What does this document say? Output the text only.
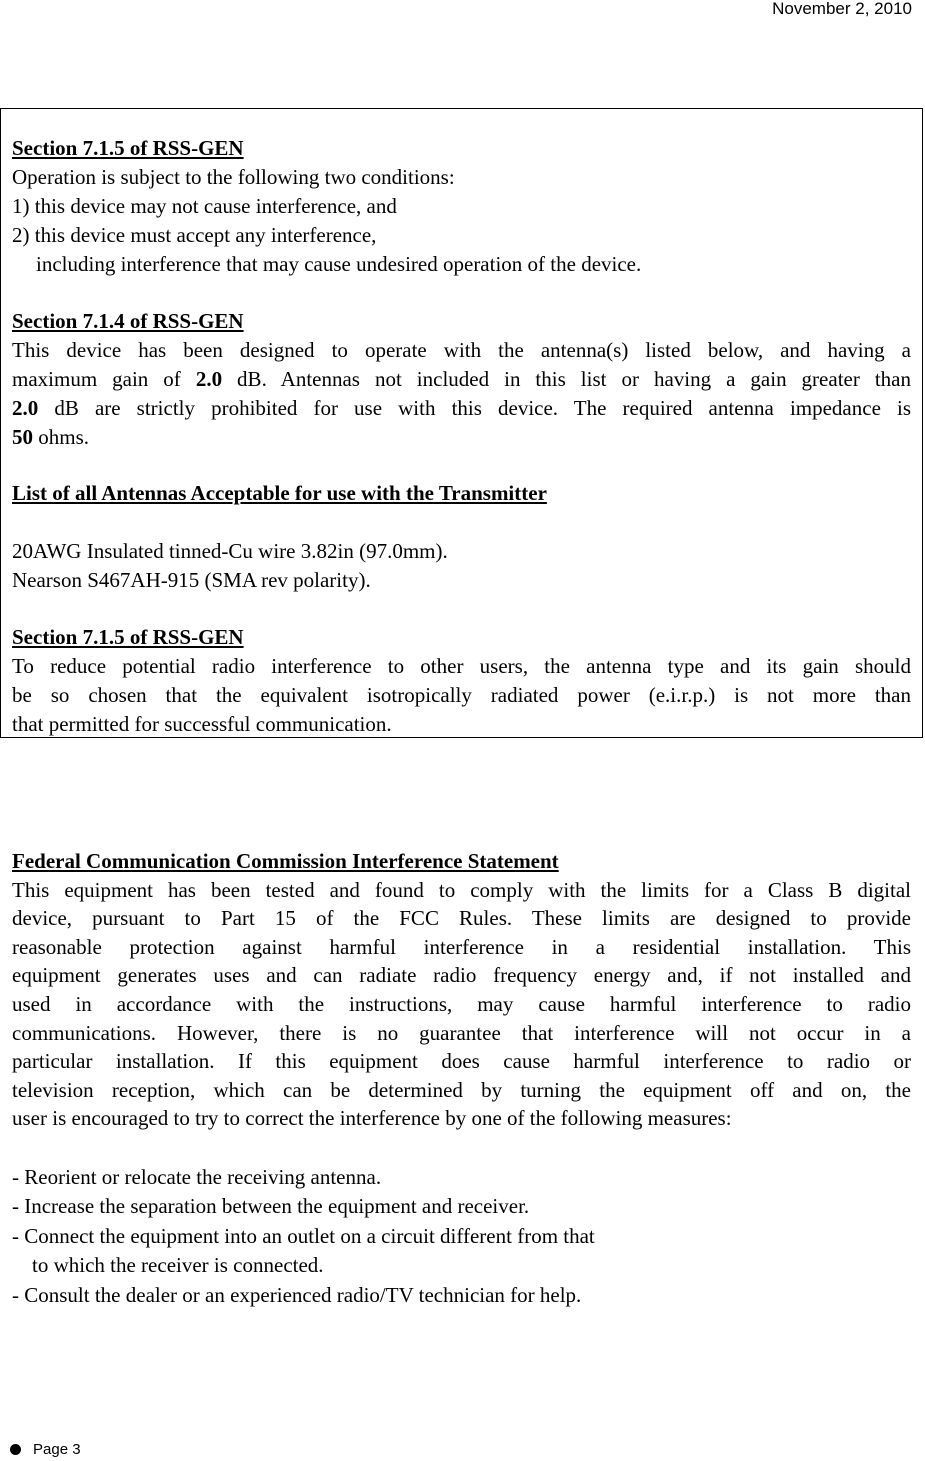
November 2, 2010
Section 7.1.5 of RSS-GEN
Operation is subject to the following two conditions:
1) this device may not cause interference, and
2) this device must accept any interference,
including interference that may cause undesired operation of the device.
Section 7.1.4 of RSS-GEN
This device has been designed to operate with the antenna(s) listed below, and having a
maximum gain of 2.0 dB. Antennas not included in this list or having a gain greater than
2.0 dB are strictly prohibited for use with this device. The required antenna impedance is
50 ohms.
List of all Antennas Acceptable for use with the Transmitter
20AWG Insulated tinned-Cu wire 3.82in (97.0mm).
Nearson S467AH-915 (SMA rev polarity).
Section 7.1.5 of RSS-GEN
To reduce potential radio interference to other users, the antenna type and its gain should
be so chosen that the equivalent isotropically radiated power (e.i.r.p.) is not more than
that permitted for successful communication.
Federal Communication Commission Interference Statement
This equipment has been tested and found to comply with the limits for a Class B digital
device, pursuant to Part 15 of the FCC Rules. These limits are designed to provide
reasonable protection against harmful interference in a residential installation. This
equipment generates uses and can radiate radio frequency energy and, if not installed and
used in accordance with the instructions, may cause harmful interference to radio
communications. However, there is no guarantee that interference will not occur in a
particular installation. If this equipment does cause harmful interference to radio or
television reception, which can be determined by turning the equipment off and on, the
user is encouraged to try to correct the interference by one of the following measures:
- Reorient or relocate the receiving antenna.
- Increase the separation between the equipment and receiver.
- Connect the equipment into an outlet on a circuit different from that
to which the receiver is connected.
- Consult the dealer or an experienced radio/TV technician for help.
Page 3
